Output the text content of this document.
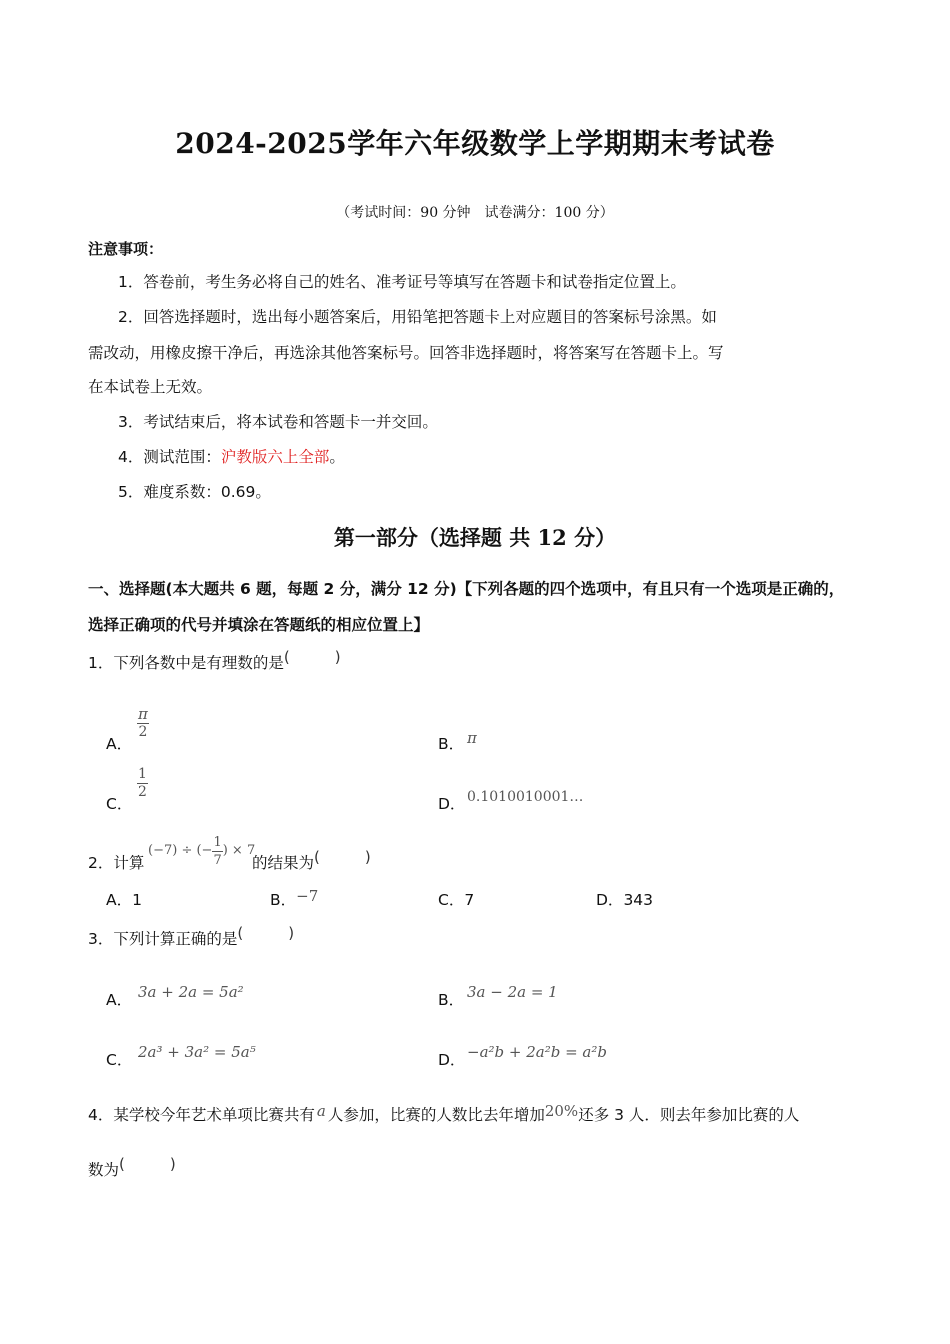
2024-2025学年六年级数学上学期期末考试卷
（考试时间：90 分钟　试卷满分：100 分）
注意事项：
1．答卷前，考生务必将自己的姓名、准考证号等填写在答题卡和试卷指定位置上。
2．回答选择题时，选出每小题答案后，用铅笔把答题卡上对应题目的答案标号涂黑。如
需改动，用橡皮擦干净后，再选涂其他答案标号。回答非选择题时，将答案写在答题卡上。写
在本试卷上无效。
3．考试结束后，将本试卷和答题卡一并交回。
4．测试范围：沪教版六上全部。
5．难度系数：0.69。
第一部分（选择题 共 12 分）
一、选择题(本大题共 6 题，每题 2 分，满分 12 分)【下列各题的四个选项中，有且只有一个选项是正确的，
选择正确项的代号并填涂在答题纸的相应位置上】
1．下列各数中是有理数的是(　　　)
A．
$\frac{\pi}{2}$
B． π
C．
$\frac{1}{2}$
D． 0.1010010001…
2．计算
(−7) ÷ (− $\frac{1}{7}$ ) × 7
的结果为(　　　)
A．1	B．−7	C．7	D．343
3．下列计算正确的是(　　　)
A． 3a + 2a = 5a²	B． 3a − 2a = 1
C． 2a³ + 3a² = 5a⁵	D． −a²b + 2a²b = a²b
4．某学校今年艺术单项比赛共有 a 人参加，比赛的人数比去年增加20%还多 3 人．则去年参加比赛的人
数为(　　　)
